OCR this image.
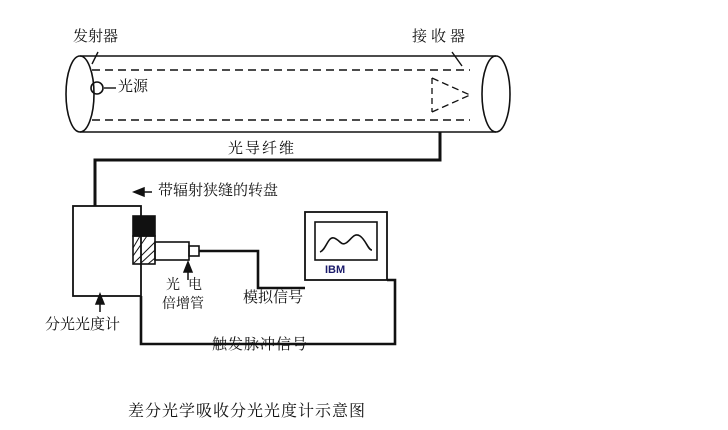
发射器	接收器
光源
光导纤维
带辐射狭缝的转盘
分光光度计
光 电
倍增管	模拟信号
触发脉冲信号
IBM
差分光学吸收分光光度计示意图
